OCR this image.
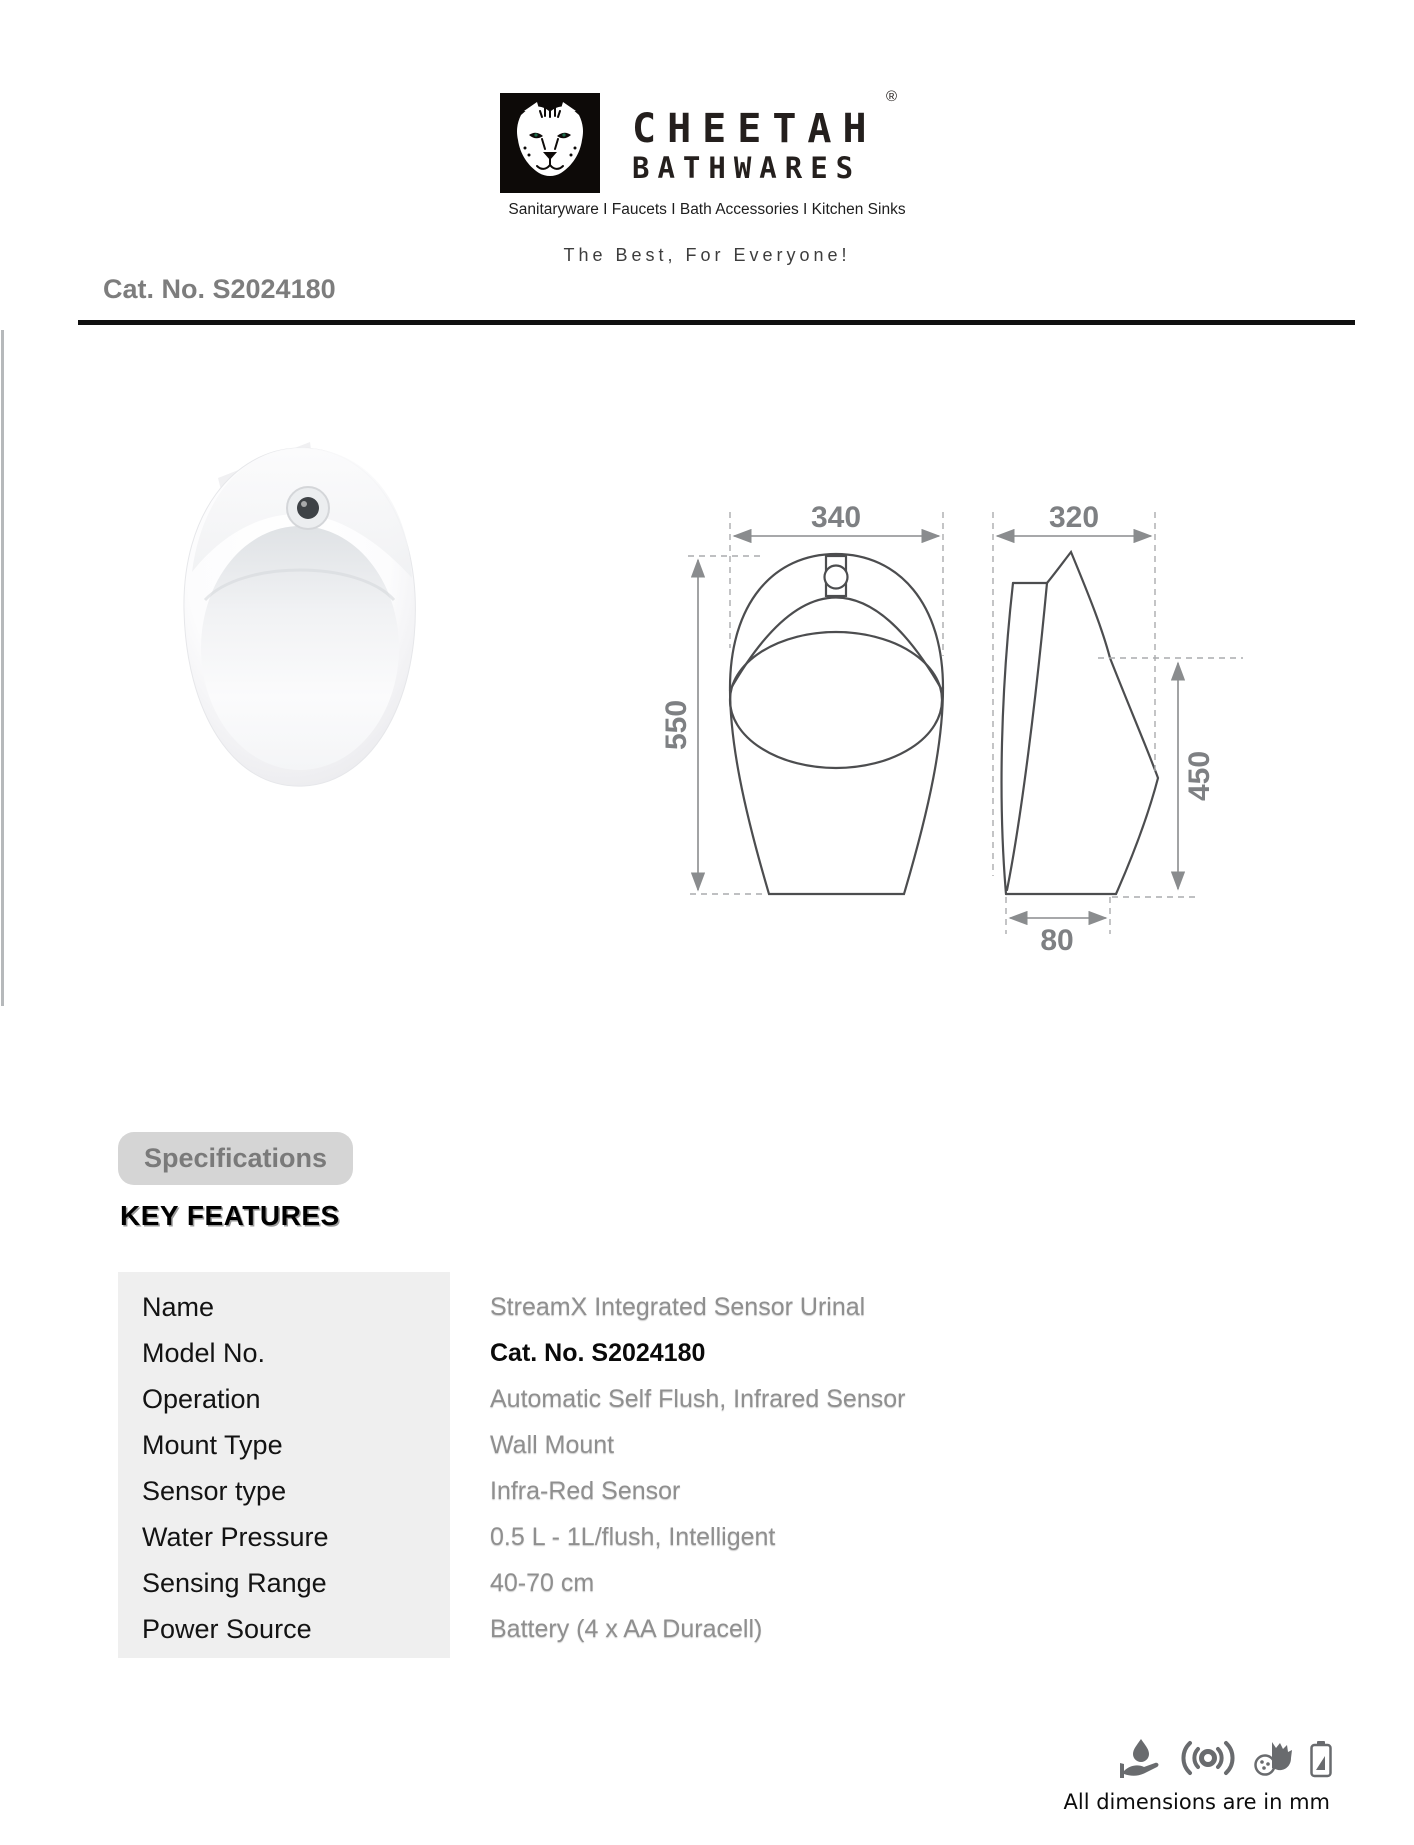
CHEETAH
BATHWARES
®
Sanitaryware I Faucets I Bath Accessories I Kitchen Sinks
The Best, For Everyone!
Cat. No. S2024180
340	320
550
450
80
Specifications
KEY FEATURES
Name	StreamX Integrated Sensor Urinal
Model No.	Cat. No. S2024180
Operation	Automatic Self Flush, Infrared Sensor
Mount Type	Wall Mount
Sensor type	Infra-Red Sensor
Water Pressure	0.5 L - 1L/flush, Intelligent
Sensing Range	40-70 cm
Power Source	Battery (4 x AA Duracell)
All dimensions are in mm
